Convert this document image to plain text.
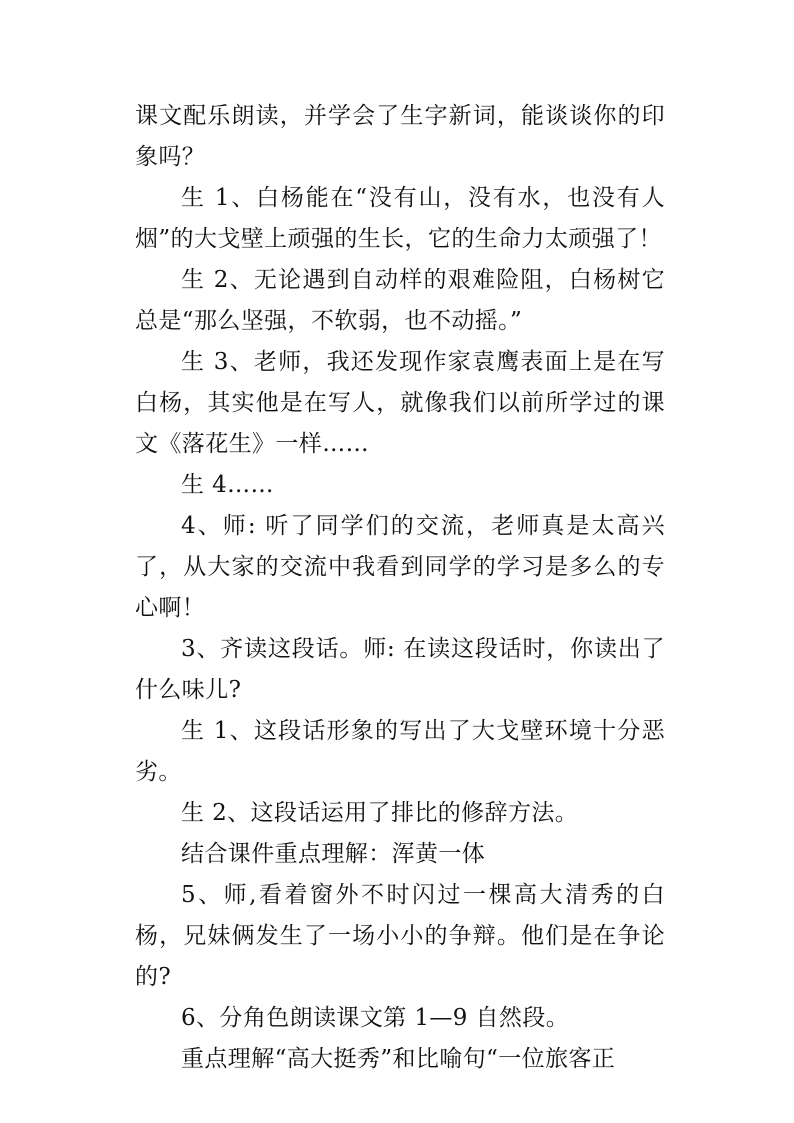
课文配乐朗读，并学会了生字新词，能谈谈你的印象吗？

生 1、白杨能在“没有山，没有水，也没有人烟”的大戈壁上顽强的生长，它的生命力太顽强了！

生 2、无论遇到自动样的艰难险阻，白杨树它总是“那么坚强，不软弱，也不动摇。”

生 3、老师，我还发现作家袁鹰表面上是在写白杨，其实他是在写人，就像我们以前所学过的课文《落花生》一样……

生 4……

4、师: 听了同学们的交流，老师真是太高兴了，从大家的交流中我看到同学的学习是多么的专心啊！

3、齐读这段话。师: 在读这段话时，你读出了什么味儿?

生 1、这段话形象的写出了大戈壁环境十分恶劣。

生 2、这段话运用了排比的修辞方法。

结合课件重点理解：浑黄一体

5、师,看着窗外不时闪过一棵高大清秀的白杨，兄妹俩发生了一场小小的争辩。他们是在争论的?

6、分角色朗读课文第 1—9 自然段。

重点理解“高大挺秀”和比喻句“一位旅客正
